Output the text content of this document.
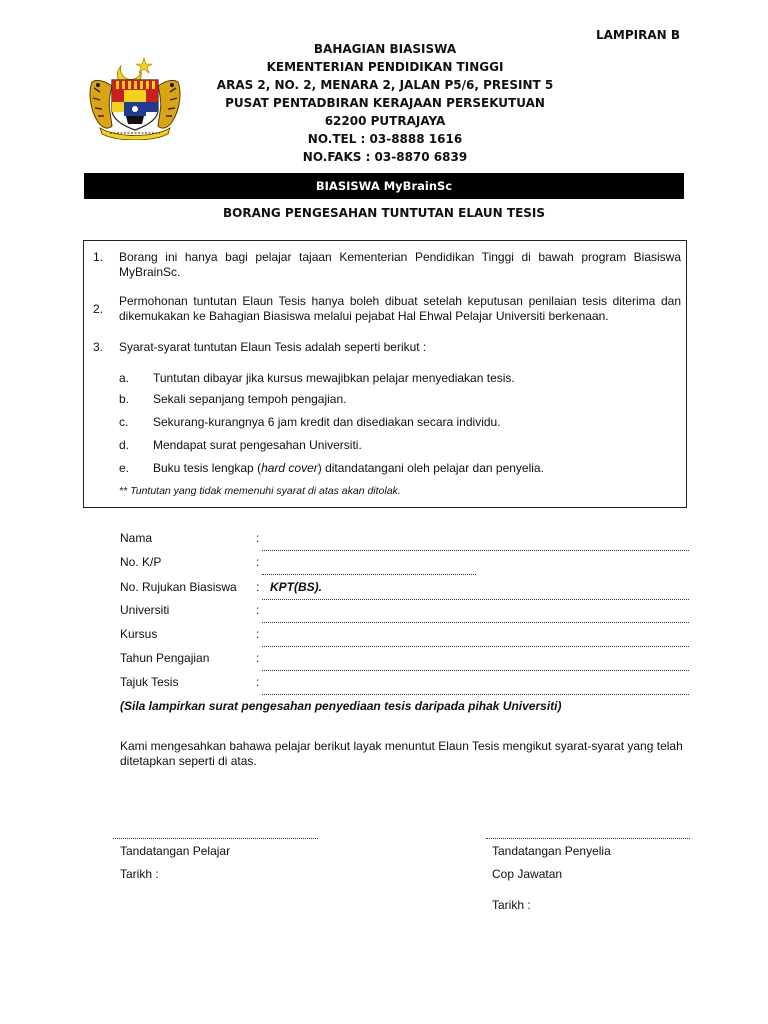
LAMPIRAN B
BAHAGIAN BIASISWA
KEMENTERIAN PENDIDIKAN TINGGI
ARAS 2, NO. 2, MENARA 2, JALAN P5/6, PRESINT 5
PUSAT PENTADBIRAN KERAJAAN PERSEKUTUAN
62200 PUTRAJAYA
NO.TEL : 03-8888 1616
NO.FAKS : 03-8870 6839
BIASISWA MyBrainSc
BORANG PENGESAHAN TUNTUTAN ELAUN TESIS
1. Borang ini hanya bagi pelajar tajaan Kementerian Pendidikan Tinggi di bawah program Biasiswa MyBrainSc.
2.
Permohonan tuntutan Elaun Tesis hanya boleh dibuat setelah keputusan penilaian tesis diterima dan dikemukakan ke Bahagian Biasiswa melalui pejabat Hal Ehwal Pelajar Universiti berkenaan.
3. Syarat-syarat tuntutan Elaun Tesis adalah seperti berikut :
a. Tuntutan dibayar jika kursus mewajibkan pelajar menyediakan tesis.
b. Sekali sepanjang tempoh pengajian.
c. Sekurang-kurangnya 6 jam kredit dan disediakan secara individu.
d. Mendapat surat pengesahan Universiti.
e. Buku tesis lengkap (hard cover) ditandatangani oleh pelajar dan penyelia.
** Tuntutan yang tidak memenuhi syarat di atas akan ditolak.
Nama	:
No. K/P	:
No. Rujukan Biasiswa : KPT(BS).
Universiti	:
Kursus	:
Tahun Pengajian	:
Tajuk Tesis	:
(Sila lampirkan surat pengesahan penyediaan tesis daripada pihak Universiti)
Kami mengesahkan bahawa pelajar berikut layak menuntut Elaun Tesis mengikut syarat-syarat yang telah ditetapkan seperti di atas.
Tandatangan Pelajar
Tarikh :
Tandatangan Penyelia
Cop Jawatan
Tarikh :
